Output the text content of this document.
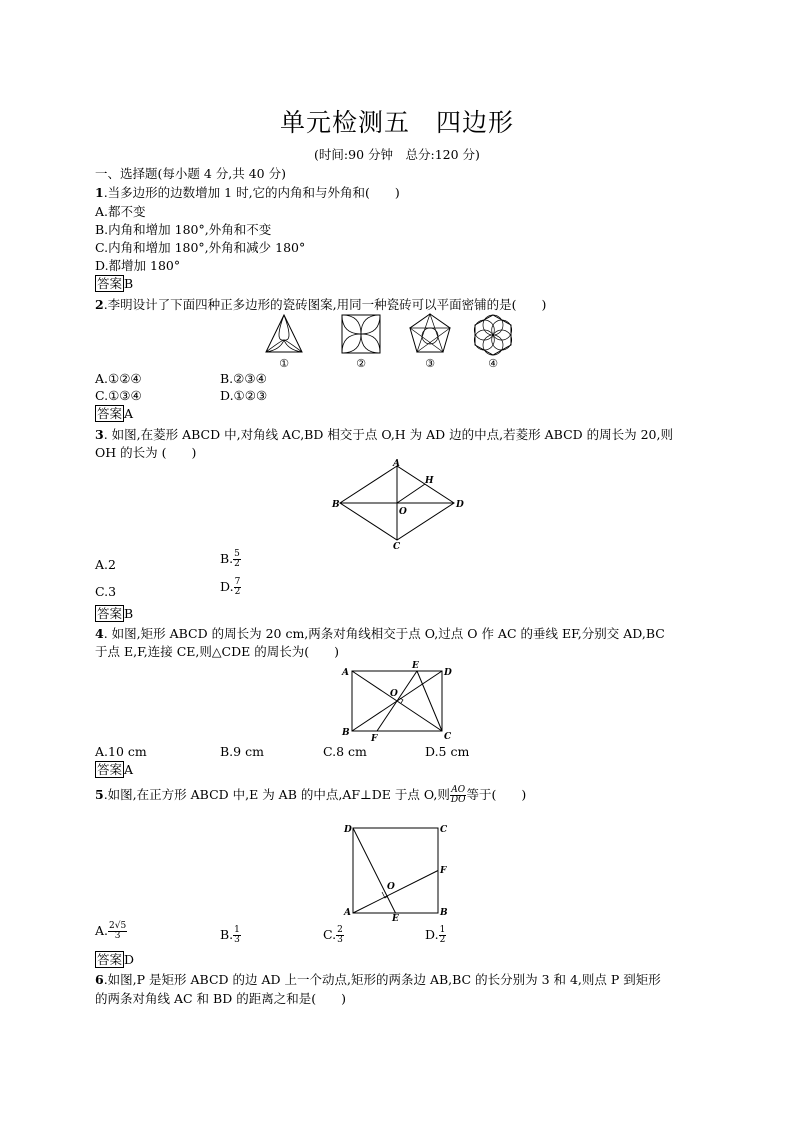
单元检测五　四边形
(时间:90 分钟　总分:120 分)
一、选择题(每小题 4 分,共 40 分)
1.当多边形的边数增加 1 时,它的内角和与外角和(　　)
A.都不变
B.内角和增加 180°,外角和不变
C.内角和增加 180°,外角和减少 180°
D.都增加 180°
答案 B
2.李明设计了下面四种正多边形的瓷砖图案,用同一种瓷砖可以平面密铺的是(　　)
①	②	③	④
A.①②④	B.②③④
C.①③④	D.①②③
答案 A
3. 如图,在菱形 ABCD 中,对角线 AC,BD 相交于点 O,H 为 AD 边的中点,若菱形 ABCD 的周长为 20,则
OH 的长为 (　　)
A
B
C
D
H
O
A.2	B. $\frac{5}{2}$
C.3	D. $\frac{7}{2}$
答案 B
4. 如图,矩形 ABCD 的周长为 20 cm,两条对角线相交于点 O,过点 O 作 AC 的垂线 EF,分别交 AD,BC
于点 E,F,连接 CE,则△CDE 的周长为(　　)
A
B	C
D
E
F
O
A.10 cm	B.9 cm	C.8 cm	D.5 cm
答案 A
5.如图,在正方形 ABCD 中,E 为 AB 的中点,AF⊥DE 于点 O,则 $\frac{AO}{DO}$ 等于(　　)
D	C
A	B
E
F
O
A. $\frac{2√5}{3}$	B. $\frac{1}{3}$	C. $\frac{2}{3}$	D. $\frac{1}{2}$
答案 D
6.如图,P 是矩形 ABCD 的边 AD 上一个动点,矩形的两条边 AB,BC 的长分别为 3 和 4,则点 P 到矩形
的两条对角线 AC 和 BD 的距离之和是(　　)
